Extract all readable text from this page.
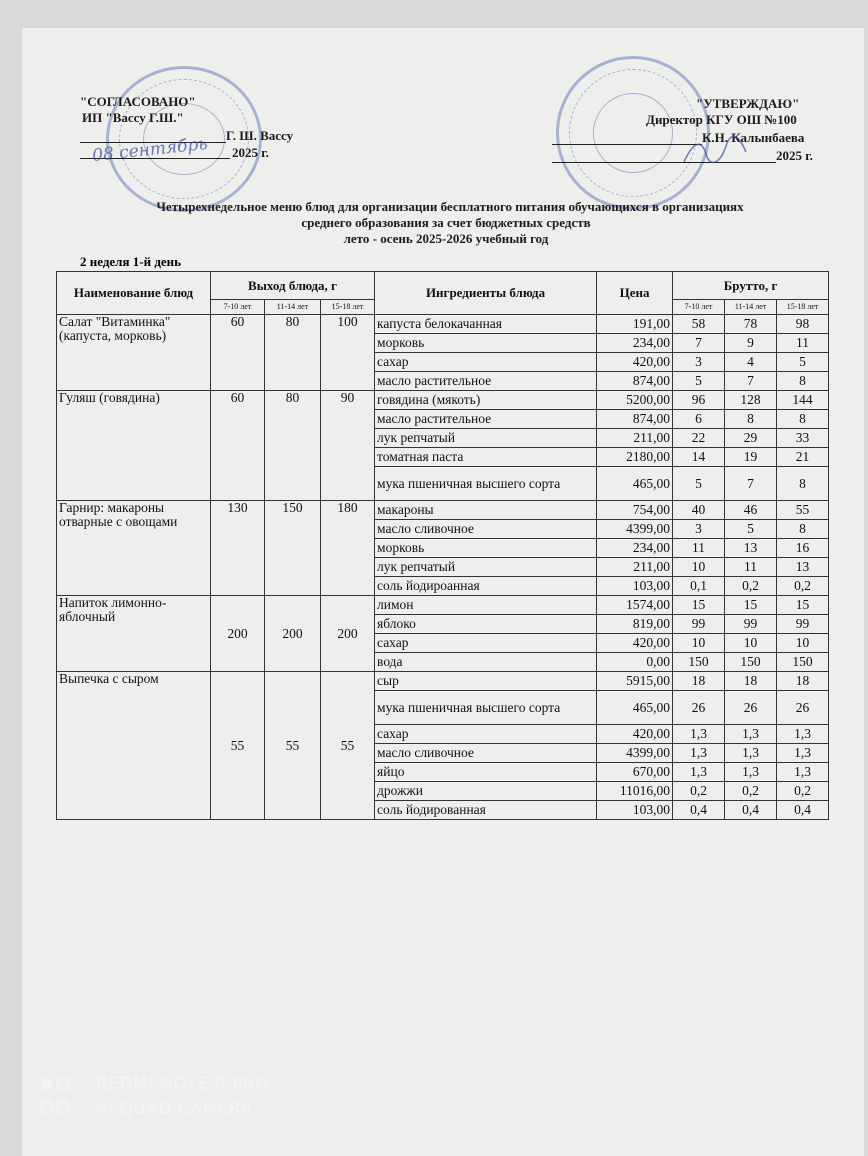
"СОГЛАСОВАНО"
ИП "Вассу Г.Ш."
Г. Ш. Вассу
2025 г.
08 сентябрь
"УТВЕРЖДАЮ"
Директор КГУ ОШ №100
К.Н. Калынбаева
2025 г.
Четырехнедельное меню блюд для организации бесплатного питания обучающихся в организациях
среднего образования за счет бюджетных средств
лето - осень 2025-2026 учебный год
2 неделя 1-й день
Наименование блюд	Выход блюда, г			Ингредиенты блюда	Цена	Брутто, г		
	7-10 лет	11-14 лет	15-18 лет			7-10 лет	11-14 лет	15-18 лет
Салат "Витаминка" (капуста, морковь)	60	80	100	капуста белокачанная	191,00	58	78	98
				морковь	234,00	7	9	11
				сахар	420,00	3	4	5
				масло растительное	874,00	5	7	8
Гуляш (говядина)	60	80	90	говядина (мякоть)	5200,00	96	128	144
				масло растительное	874,00	6	8	8
				лук репчатый	211,00	22	29	33
				томатная паста	2180,00	14	19	21
				мука пшеничная высшего сорта	465,00	5	7	8
Гарнир: макароны отварные с овощами	130	150	180	макароны	754,00	40	46	55
				масло сливочное	4399,00	3	5	8
				морковь	234,00	11	13	16
				лук репчатый	211,00	10	11	13
				соль йодироанная	103,00	0,1	0,2	0,2
Напиток лимонно-яблочный	200	200	200	лимон	1574,00	15	15	15
				яблоко	819,00	99	99	99
				сахар	420,00	10	10	10
				вода	0,00	150	150	150
Выпечка с сыром	55	55	55	сыр	5915,00	18	18	18
				мука пшеничная высшего сорта	465,00	26	26	26
				сахар	420,00	1,3	1,3	1,3
				масло сливочное	4399,00	1,3	1,3	1,3
				яйцо	670,00	1,3	1,3	1,3
				дрожжи	11016,00	0,2	0,2	0,2
				соль йодированная	103,00	0,4	0,4	0,4
REDMI NOTE 8 PRO
AI QUAD CAMERA
